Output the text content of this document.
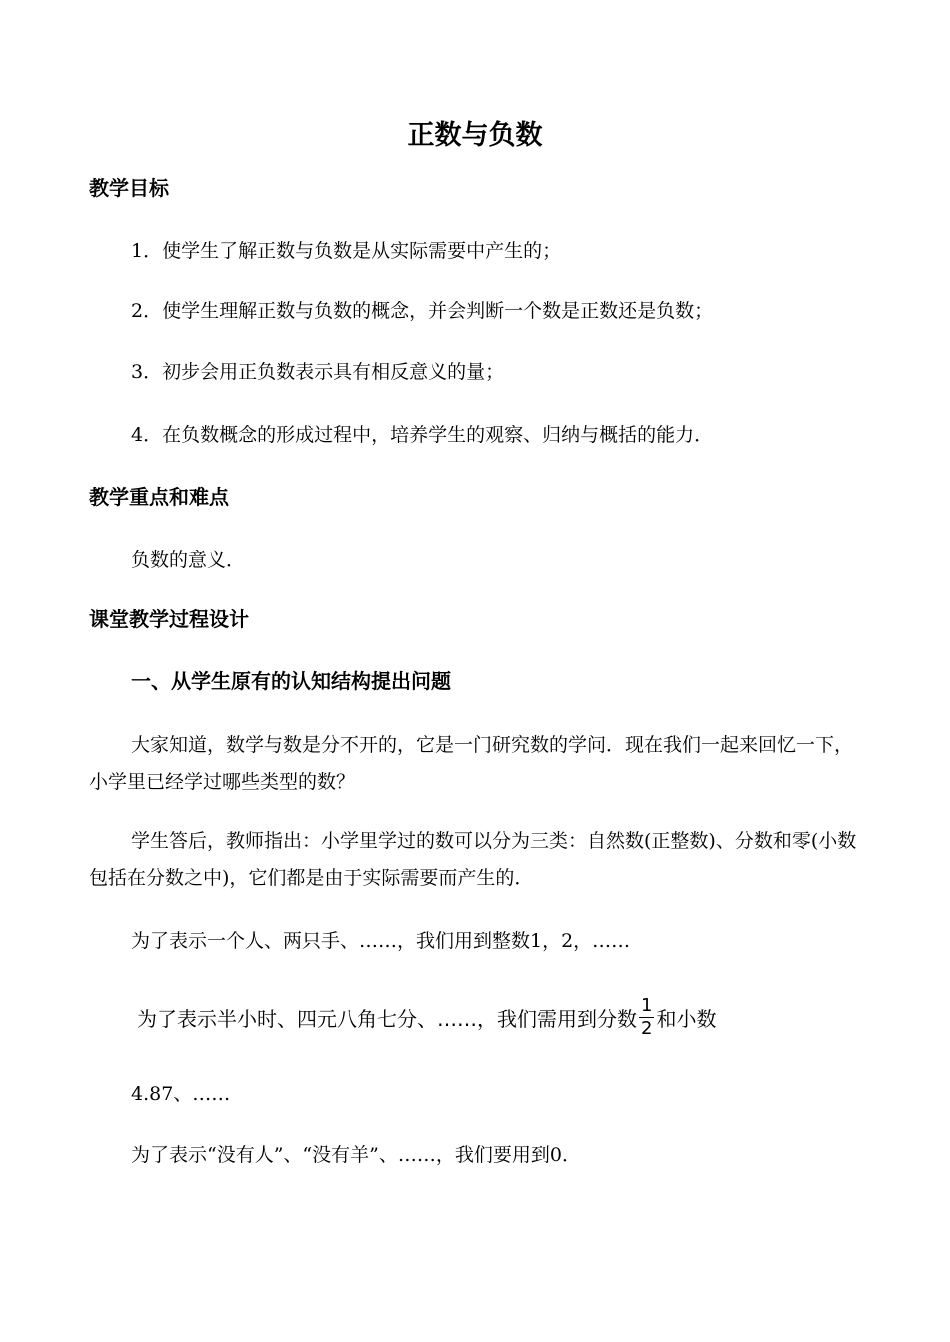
正数与负数
教学目标
1．使学生了解正数与负数是从实际需要中产生的；
2．使学生理解正数与负数的概念，并会判断一个数是正数还是负数；
3．初步会用正负数表示具有相反意义的量；
4．在负数概念的形成过程中，培养学生的观察、归纳与概括的能力．
教学重点和难点
负数的意义．
课堂教学过程设计
一、从学生原有的认知结构提出问题
大家知道，数学与数是分不开的，它是一门研究数的学问．现在我们一起来回忆一下，小学里已经学过哪些类型的数？
学生答后，教师指出：小学里学过的数可以分为三类：自然数(正整数)、分数和零(小数包括在分数之中)，它们都是由于实际需要而产生的．
为了表示一个人、两只手、……，我们用到整数1，2，……
为了表示半小时、四元八角七分、……，我们需用到分数 $\frac{1}{2}$ 和小数
4.87、……
为了表示“没有人”、“没有羊”、……，我们要用到0．
